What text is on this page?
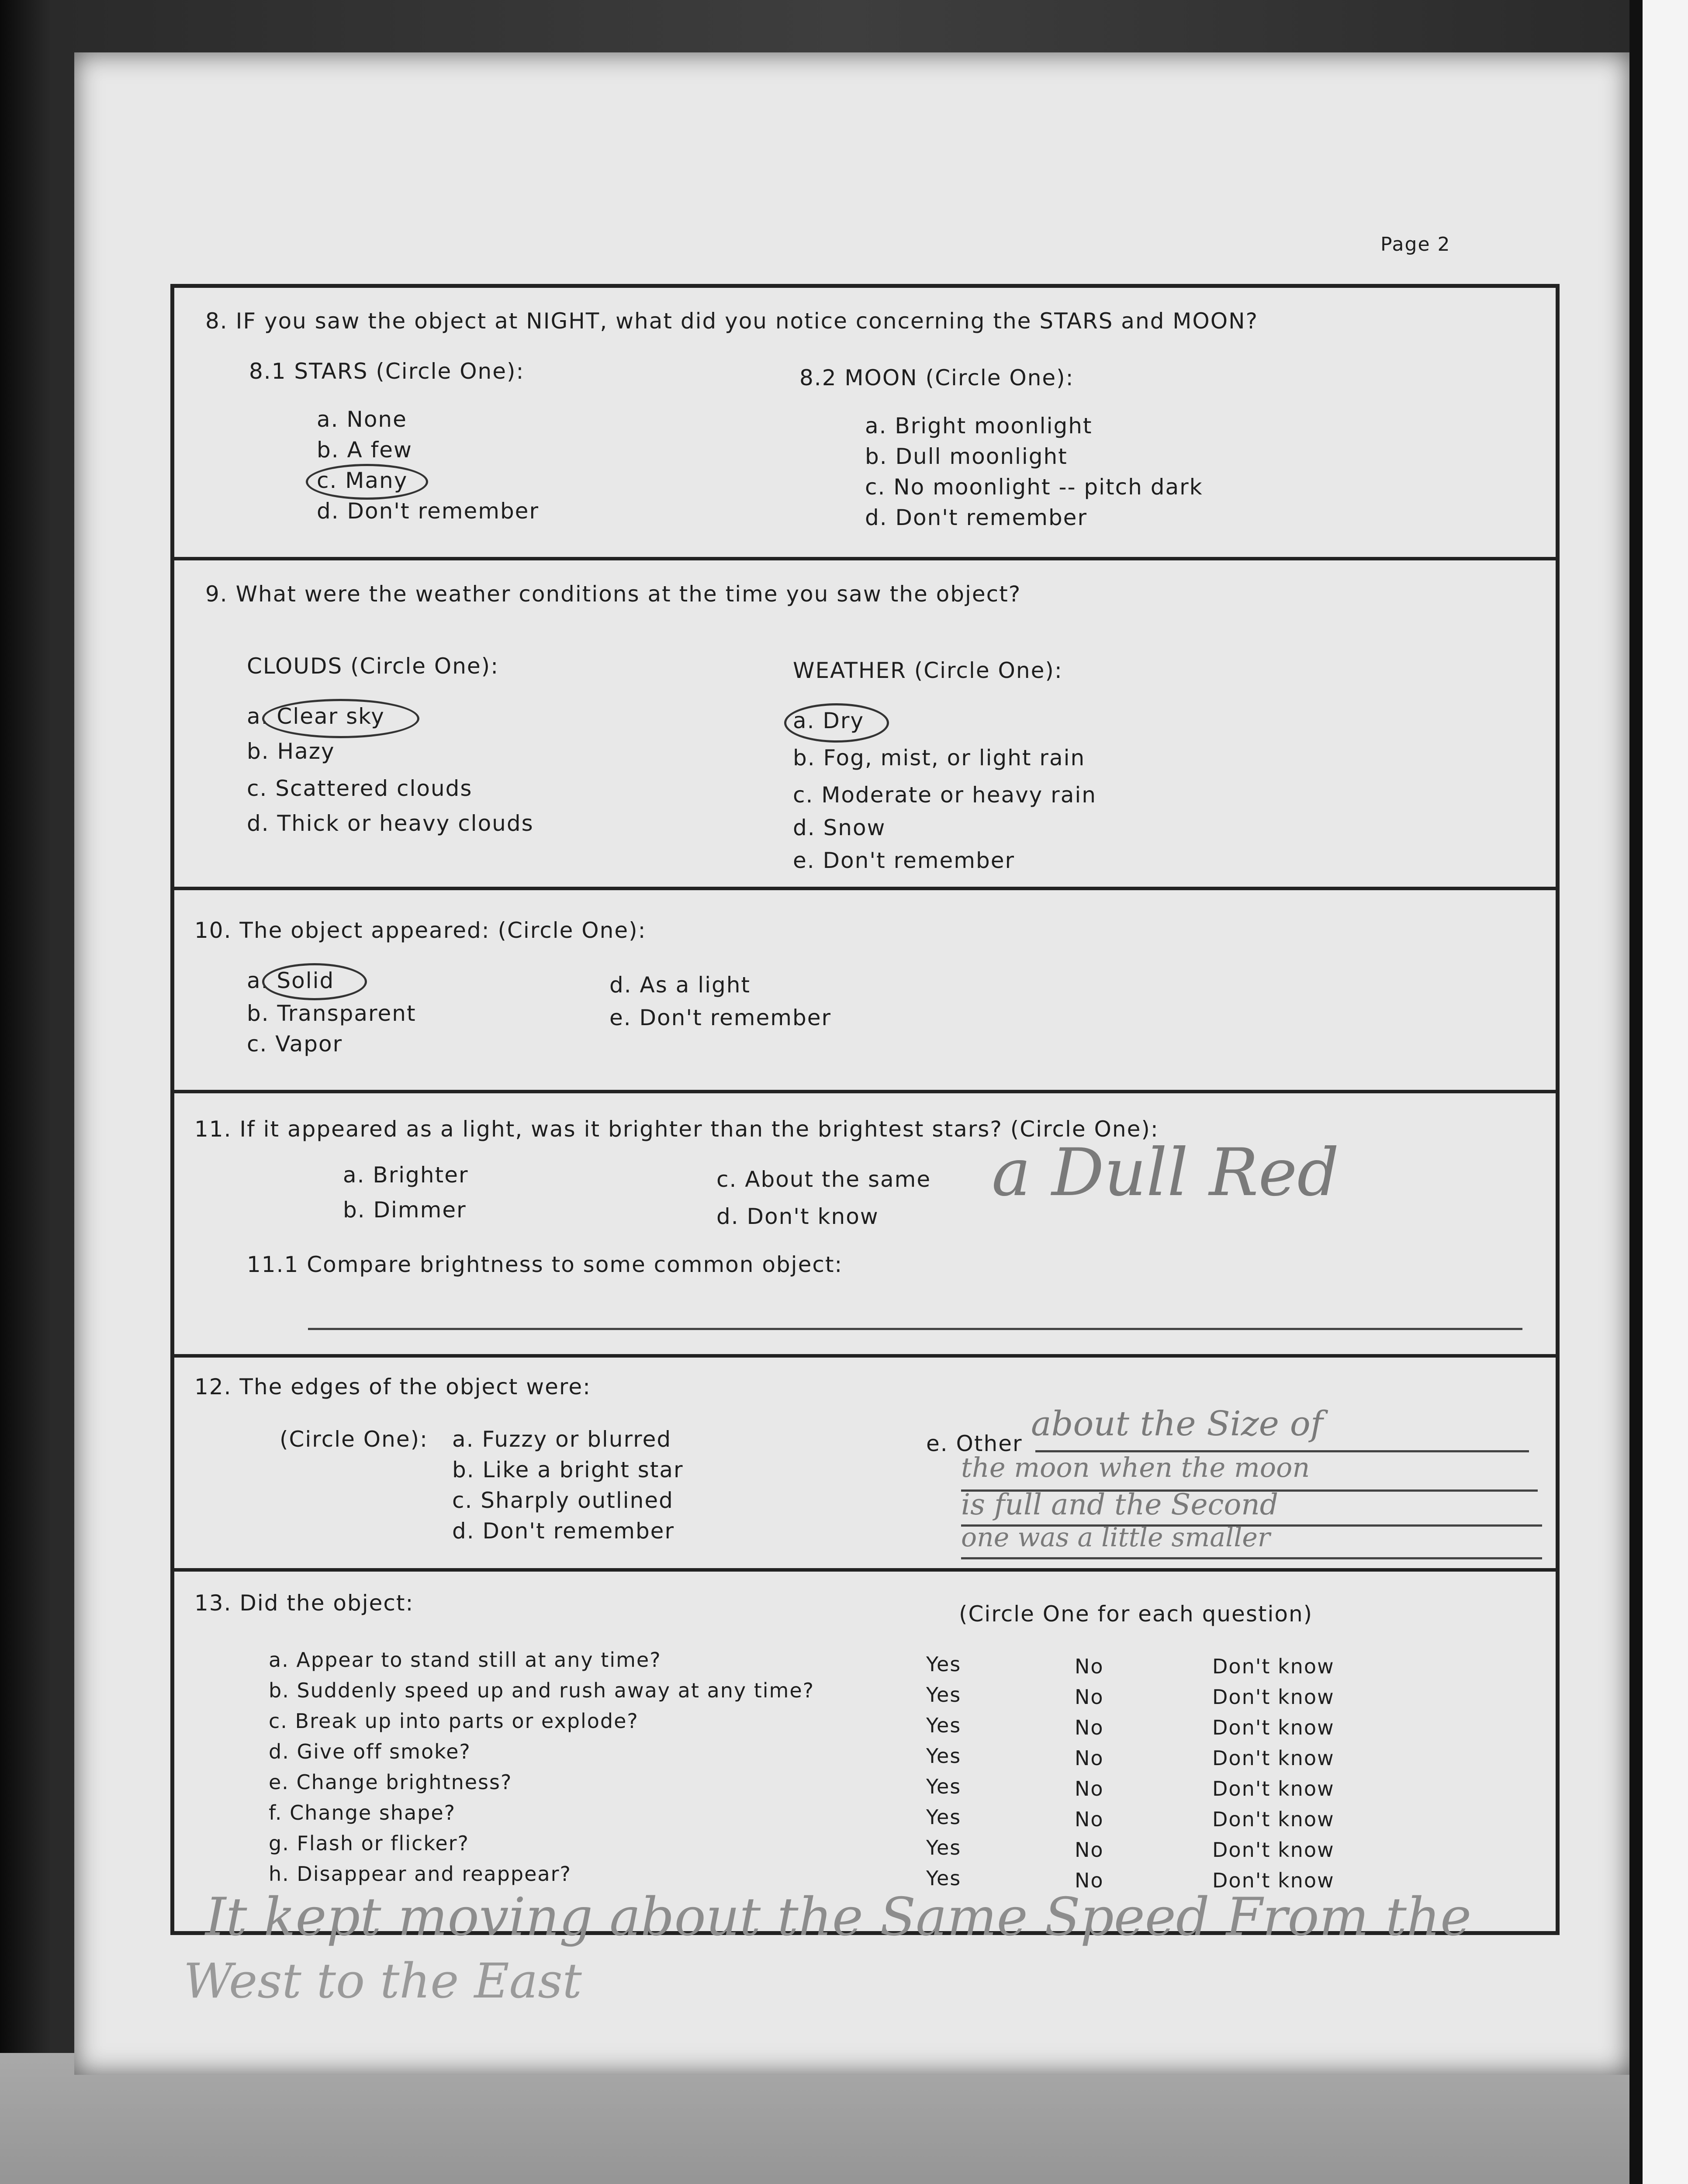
Page 2
8. IF you saw the object at NIGHT, what did you notice concerning the STARS and MOON?
8.1 STARS (Circle One):
a. None
b. A few
c. Many
d. Don't remember
8.2 MOON (Circle One):
a. Bright moonlight
b. Dull moonlight
c. No moonlight -- pitch dark
d. Don't remember
9. What were the weather conditions at the time you saw the object?
CLOUDS (Circle One):
a. Clear sky
b. Hazy
c. Scattered clouds
d. Thick or heavy clouds
WEATHER (Circle One):
a. Dry
b. Fog, mist, or light rain
c. Moderate or heavy rain
d. Snow
e. Don't remember
10. The object appeared: (Circle One):
a. Solid
b. Transparent
c. Vapor
d. As a light
e. Don't remember
11. If it appeared as a light, was it brighter than the brightest stars? (Circle One):
a. Brighter
b. Dimmer
c. About the same
d. Don't know
a Dull Red
11.1 Compare brightness to some common object:
12. The edges of the object were:
(Circle One): a. Fuzzy or blurred
b. Like a bright star
c. Sharply outlined
d. Don't remember
e. Other about the Size of
the moon when the moon
is full and the Second
one was a little smaller
13. Did the object:	(Circle One for each question)
a. Appear to stand still at any time?	Yes	No	Don't know
b. Suddenly speed up and rush away at any time?	Yes	No	Don't know
c. Break up into parts or explode?	Yes	No	Don't know
d. Give off smoke?	Yes	No	Don't know
e. Change brightness?	Yes	No	Don't know
f. Change shape?	Yes	No	Don't know
g. Flash or flicker?	Yes	No	Don't know
h. Disappear and reappear?	Yes	No	Don't know
It kept moving about the Same Speed From the
West to the East
